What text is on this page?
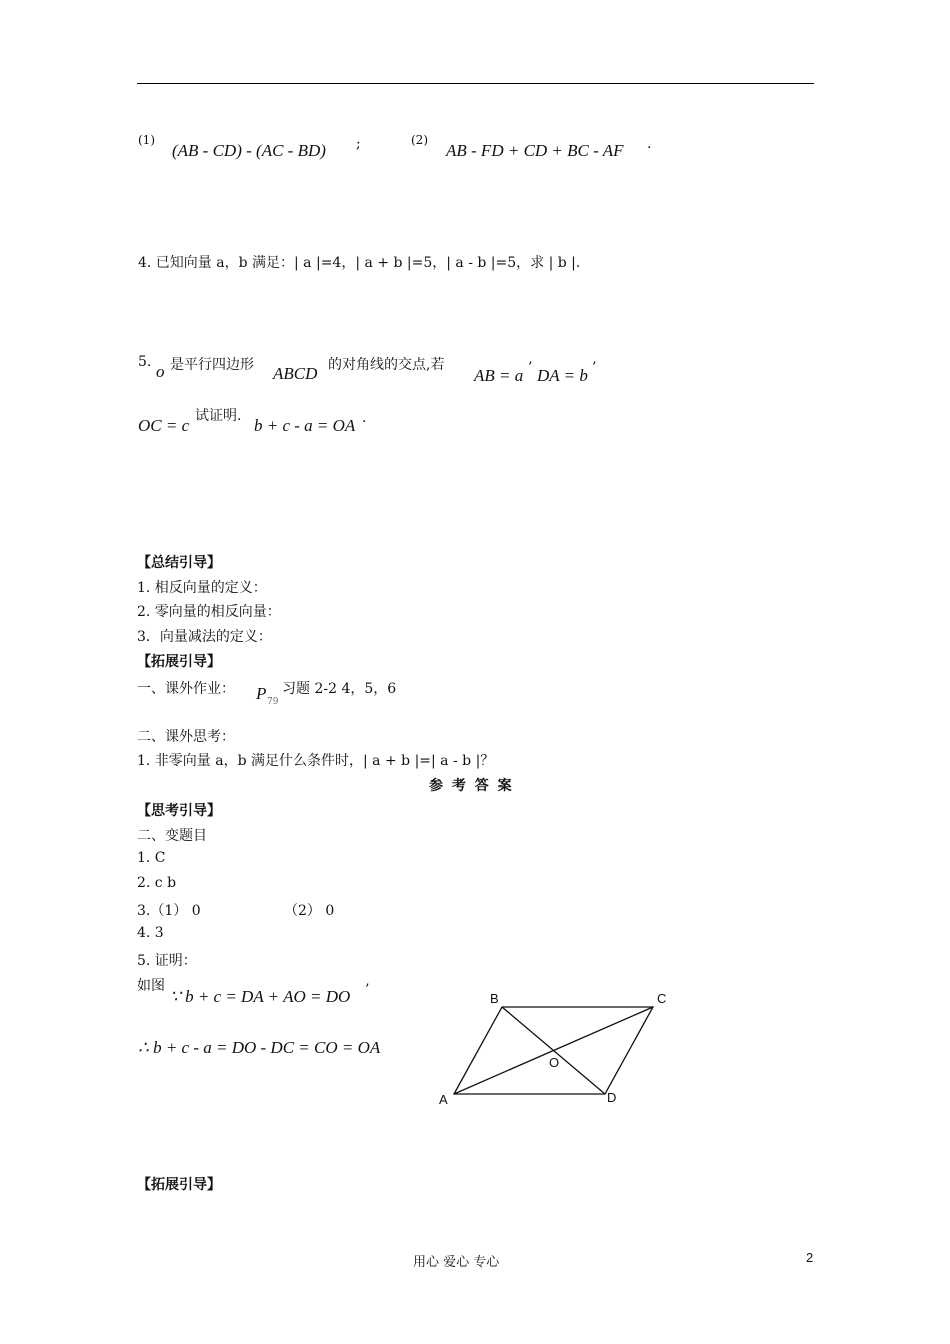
(1)
(AB - CD) - (AC - BD) ;	(2)
AB - FD + CD + BC - AF .
4. 已知向量 a，b 满足：| a |=4，| a + b |=5，| a - b |=5，求 | b |.
5. o 是平行四边形 ABCD 的对角线的交点,若
AB = a ’ DA = b ’
OC = c 试证明. b + c - a = OA .
【总结引导】
1. 相反向量的定义：
2. 零向量的相反向量：
3．向量减法的定义：
【拓展引导】
一、课外作业： P 79
习题 2-2 4，5，6
二、课外思考：
1. 非零向量 a，b 满足什么条件时，| a + b |=| a - b |？
参 考 答 案
【思考引导】
二、变题目
1. C
2. c b
3.（1） 0	（2） 0
4. 3
5. 证明：
如图
∵ b + c = DA + AO = DO ’
∴ b + c - a = DO - DC = CO = OA
B	C
A	D
O
【拓展引导】
用心 爱心 专心	2
